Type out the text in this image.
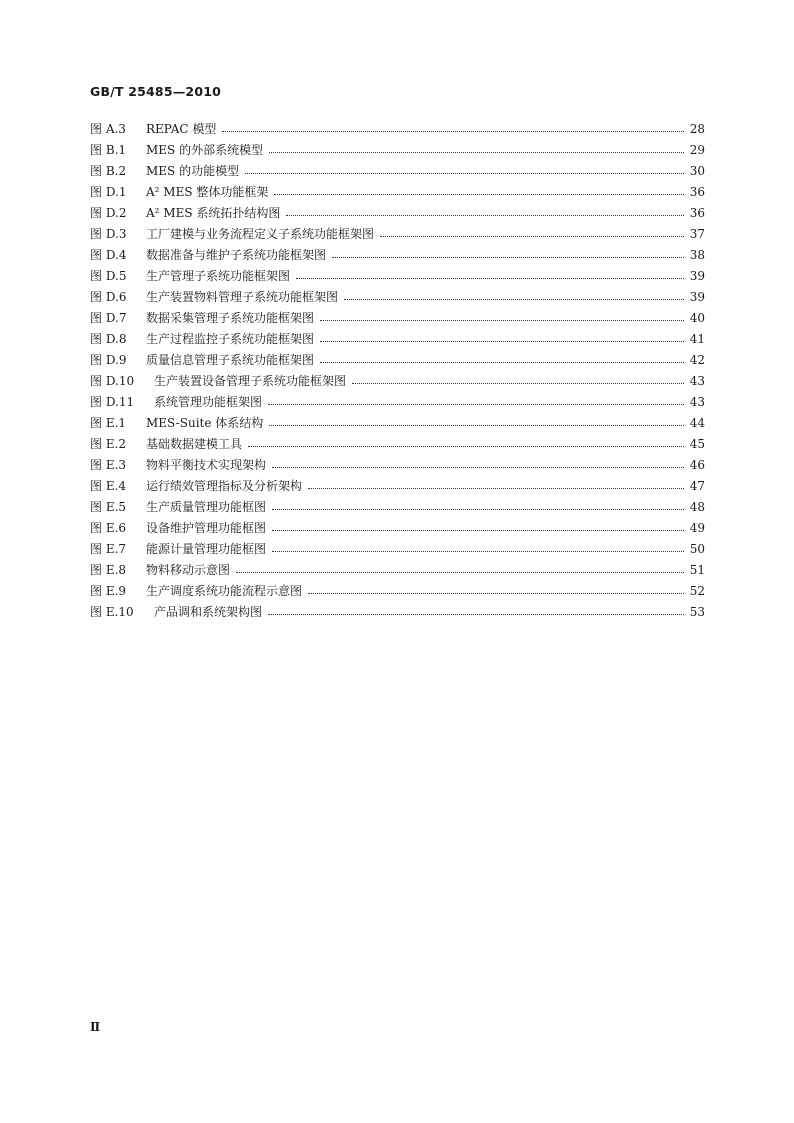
GB/T 25485—2010
图 A.3	REPAC 模型	28
图 B.1	MES 的外部系统模型	29
图 B.2	MES 的功能模型	30
图 D.1	A² MES 整体功能框架	36
图 D.2	A² MES 系统拓扑结构图	36
图 D.3	工厂建模与业务流程定义子系统功能框架图	37
图 D.4	数据准备与维护子系统功能框架图	38
图 D.5	生产管理子系统功能框架图	39
图 D.6	生产装置物料管理子系统功能框架图	39
图 D.7	数据采集管理子系统功能框架图	40
图 D.8	生产过程监控子系统功能框架图	41
图 D.9	质量信息管理子系统功能框架图	42
图 D.10	生产装置设备管理子系统功能框架图	43
图 D.11	系统管理功能框架图	43
图 E.1	MES-Suite 体系结构	44
图 E.2	基础数据建模工具	45
图 E.3	物料平衡技术实现架构	46
图 E.4	运行绩效管理指标及分析架构	47
图 E.5	生产质量管理功能框图	48
图 E.6	设备维护管理功能框图	49
图 E.7	能源计量管理功能框图	50
图 E.8	物料移动示意图	51
图 E.9	生产调度系统功能流程示意图	52
图 E.10	产品调和系统架构图	53
Ⅱ
